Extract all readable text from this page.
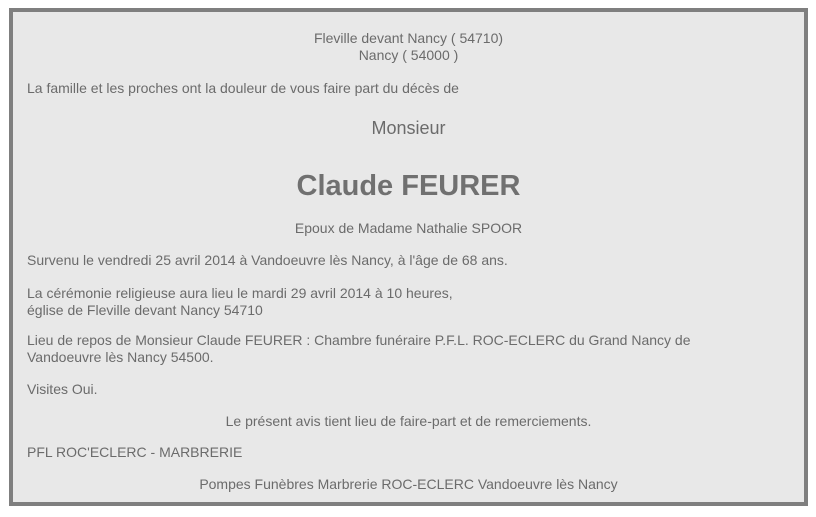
Fleville devant Nancy ( 54710)
Nancy ( 54000 )
La famille et les proches ont la douleur de vous faire part du décès de
Monsieur
Claude FEURER
Epoux de Madame Nathalie SPOOR
Survenu le vendredi 25 avril 2014 à Vandoeuvre lès Nancy, à l'âge de 68 ans.
La cérémonie religieuse aura lieu le mardi 29 avril 2014 à 10 heures,
église de Fleville devant Nancy 54710
Lieu de repos de Monsieur Claude FEURER : Chambre funéraire P.F.L. ROC-ECLERC du Grand Nancy de
Vandoeuvre lès Nancy 54500.
Visites Oui.
Le présent avis tient lieu de faire-part et de remerciements.
PFL ROC'ECLERC - MARBRERIE
Pompes Funèbres Marbrerie ROC-ECLERC Vandoeuvre lès Nancy
